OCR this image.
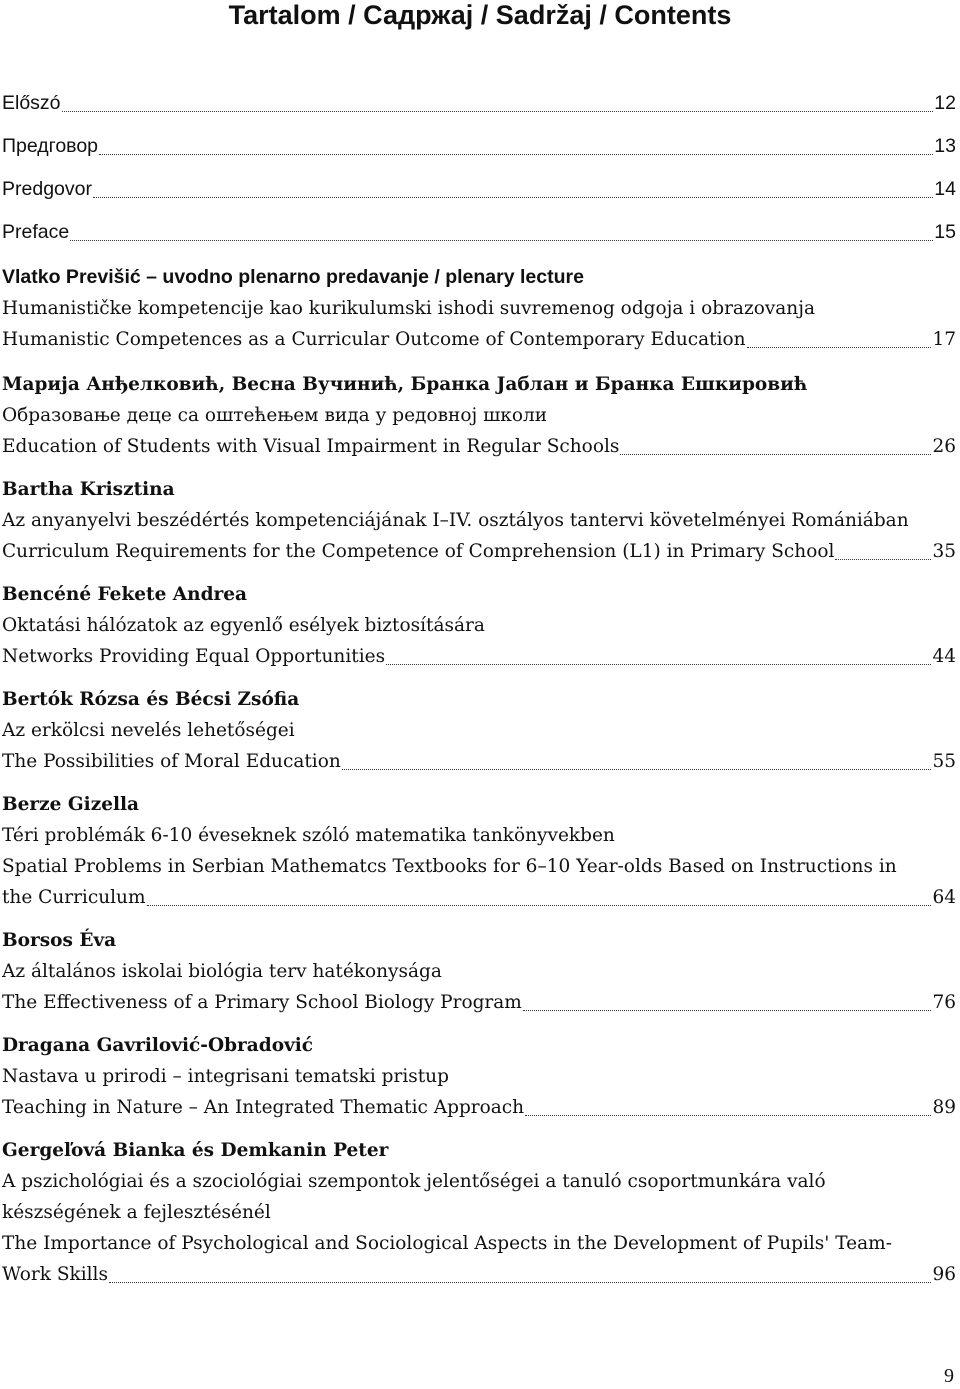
Tartalom / Садржај / Sadržaj / Contents
Előszó	12
Предговор	13
Predgovor	14
Preface	15
Vlatko Previšić – uvodno plenarno predavanje / plenary lecture
Humanističke kompetencije kao kurikulumski ishodi suvremenog odgoja i obrazovanja
Humanistic Competences as a Curricular Outcome of Contemporary Education	17
Марија Анђелковић, Весна Вучинић, Бранка Јаблан и Бранка Ешкировић
Образовање деце са оштећењем вида у редовној школи
Education of Students with Visual Impairment in Regular Schools	26
Bartha Krisztina
Az anyanyelvi beszédértés kompetenciájának I–IV. osztályos tantervi követelményei Romániában
Curriculum Requirements for the Competence of Comprehension (L1) in Primary School	35
Bencéné Fekete Andrea
Oktatási hálózatok az egyenlő esélyek biztosítására
Networks Providing Equal Opportunities	44
Bertók Rózsa és Bécsi Zsófia
Az erkölcsi nevelés lehetőségei
The Possibilities of Moral Education	55
Berze Gizella
Téri problémák 6-10 éveseknek szóló matematika tankönyvekben
Spatial Problems in Serbian Mathematcs Textbooks for 6–10 Year-olds Based on Instructions in
the Curriculum	64
Borsos Éva
Az általános iskolai biológia terv hatékonysága
The Effectiveness of a Primary School Biology Program	76
Dragana Gavrilović-Obradović
Nastava u prirodi – integrisani tematski pristup
Teaching in Nature – An Integrated Thematic Approach	89
Gergeľová Bianka és Demkanin Peter
A pszichológiai és a szociológiai szempontok jelentőségei a tanuló csoportmunkára való
készségének a fejlesztésénél
The Importance of Psychological and Sociological Aspects in the Development of Pupils' Team-
Work Skills	96
9
